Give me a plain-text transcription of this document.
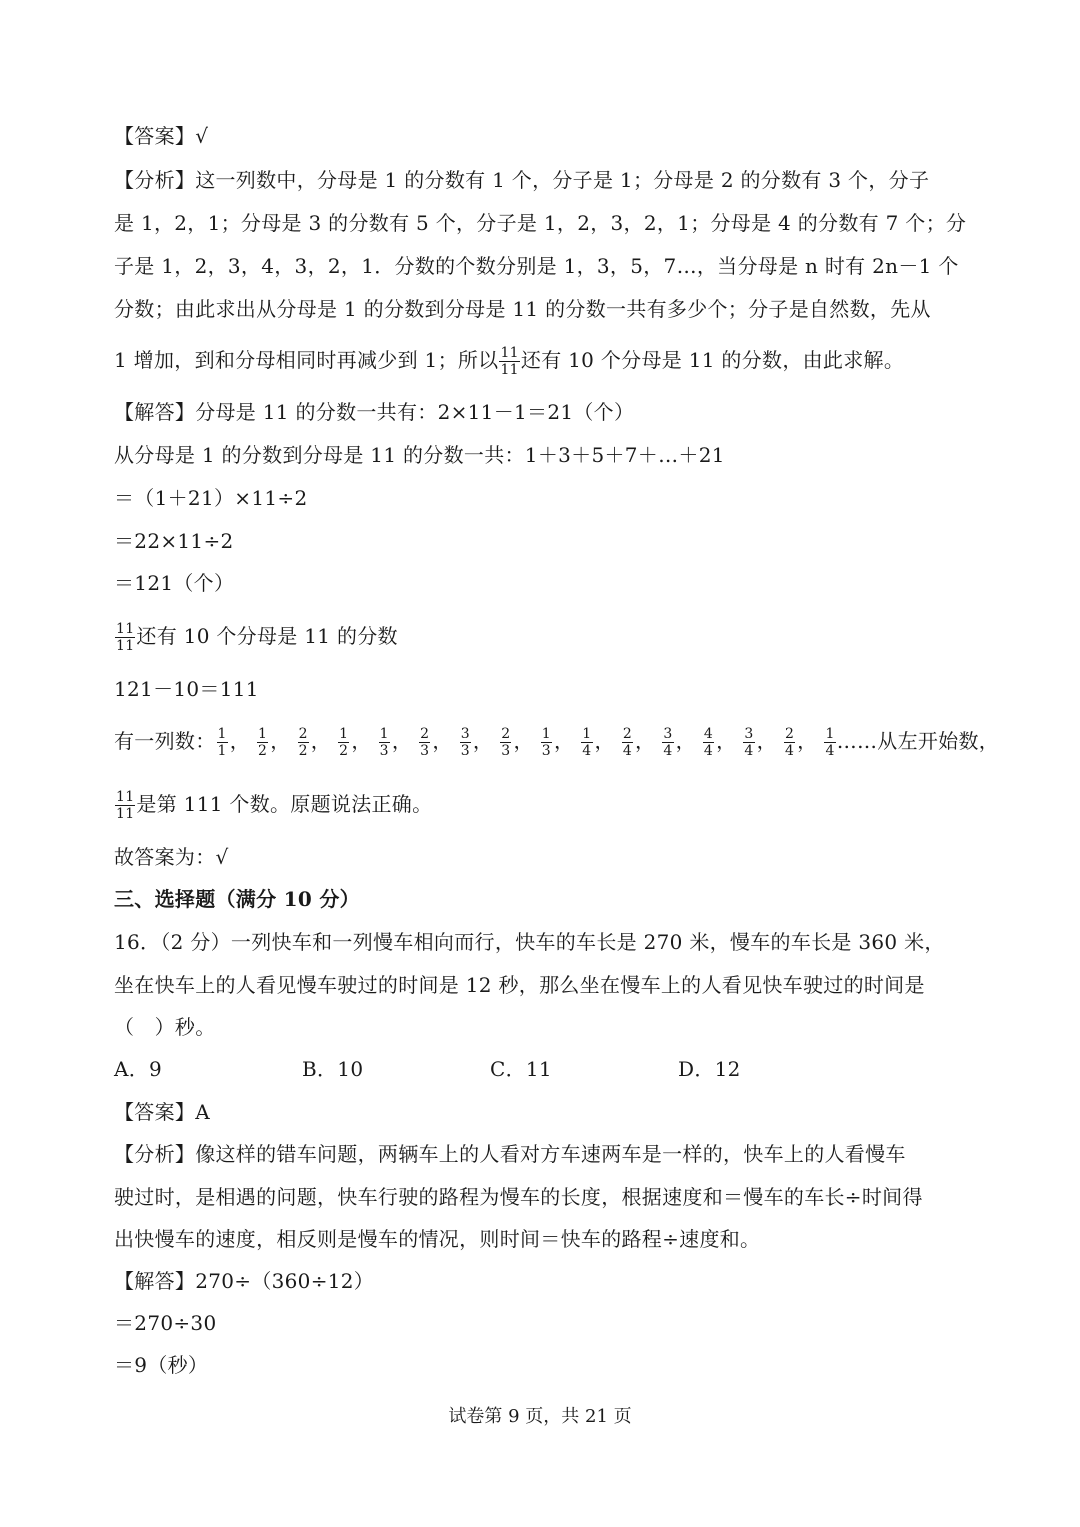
【答案】√
【分析】这一列数中，分母是 1 的分数有 1 个，分子是 1；分母是 2 的分数有 3 个，分子
是 1，2，1；分母是 3 的分数有 5 个，分子是 1，2，3，2，1；分母是 4 的分数有 7 个；分
子是 1，2，3，4，3，2，1．分数的个数分别是 1，3，5，7…，当分母是 n 时有 2n－1 个
分数；由此求出从分母是 1 的分数到分母是 11 的分数一共有多少个；分子是自然数，先从
1 增加，到和分母相同时再减少到 1；所以 $\frac{11}{11}$ 还有 10 个分母是 11 的分数，由此求解。
【解答】分母是 11 的分数一共有：2×11－1＝21（个）
从分母是 1 的分数到分母是 11 的分数一共：1＋3＋5＋7＋…＋21
＝（1＋21）×11÷2
＝22×11÷2
＝121（个）
$\frac{11}{11}$ 还有 10 个分母是 11 的分数
121－10＝111
有一列数： $\frac{1}{1}$ ， $\frac{1}{2}$ ， $\frac{2}{2}$ ， $\frac{1}{2}$ ， $\frac{1}{3}$ ， $\frac{2}{3}$ ， $\frac{3}{3}$ ， $\frac{2}{3}$ ， $\frac{1}{3}$ ， $\frac{1}{4}$ ， $\frac{2}{4}$ ， $\frac{3}{4}$ ， $\frac{4}{4}$ ， $\frac{3}{4}$ ， $\frac{2}{4}$ ， $\frac{1}{4}$ ……从左开始数，
$\frac{11}{11}$ 是第 111 个数。原题说法正确。
故答案为：√
三、选择题（满分 10 分）
16．（2 分）一列快车和一列慢车相向而行，快车的车长是 270 米，慢车的车长是 360 米，
坐在快车上的人看见慢车驶过的时间是 12 秒，那么坐在慢车上的人看见快车驶过的时间是
（　）秒。
A．9	B．10	C．11	D．12
【答案】A
【分析】像这样的错车问题，两辆车上的人看对方车速两车是一样的，快车上的人看慢车
驶过时，是相遇的问题，快车行驶的路程为慢车的长度，根据速度和＝慢车的车长÷时间得
出快慢车的速度，相反则是慢车的情况，则时间＝快车的路程÷速度和。
【解答】270÷（360÷12）
＝270÷30
＝9（秒）
试卷第 9 页，共 21 页
